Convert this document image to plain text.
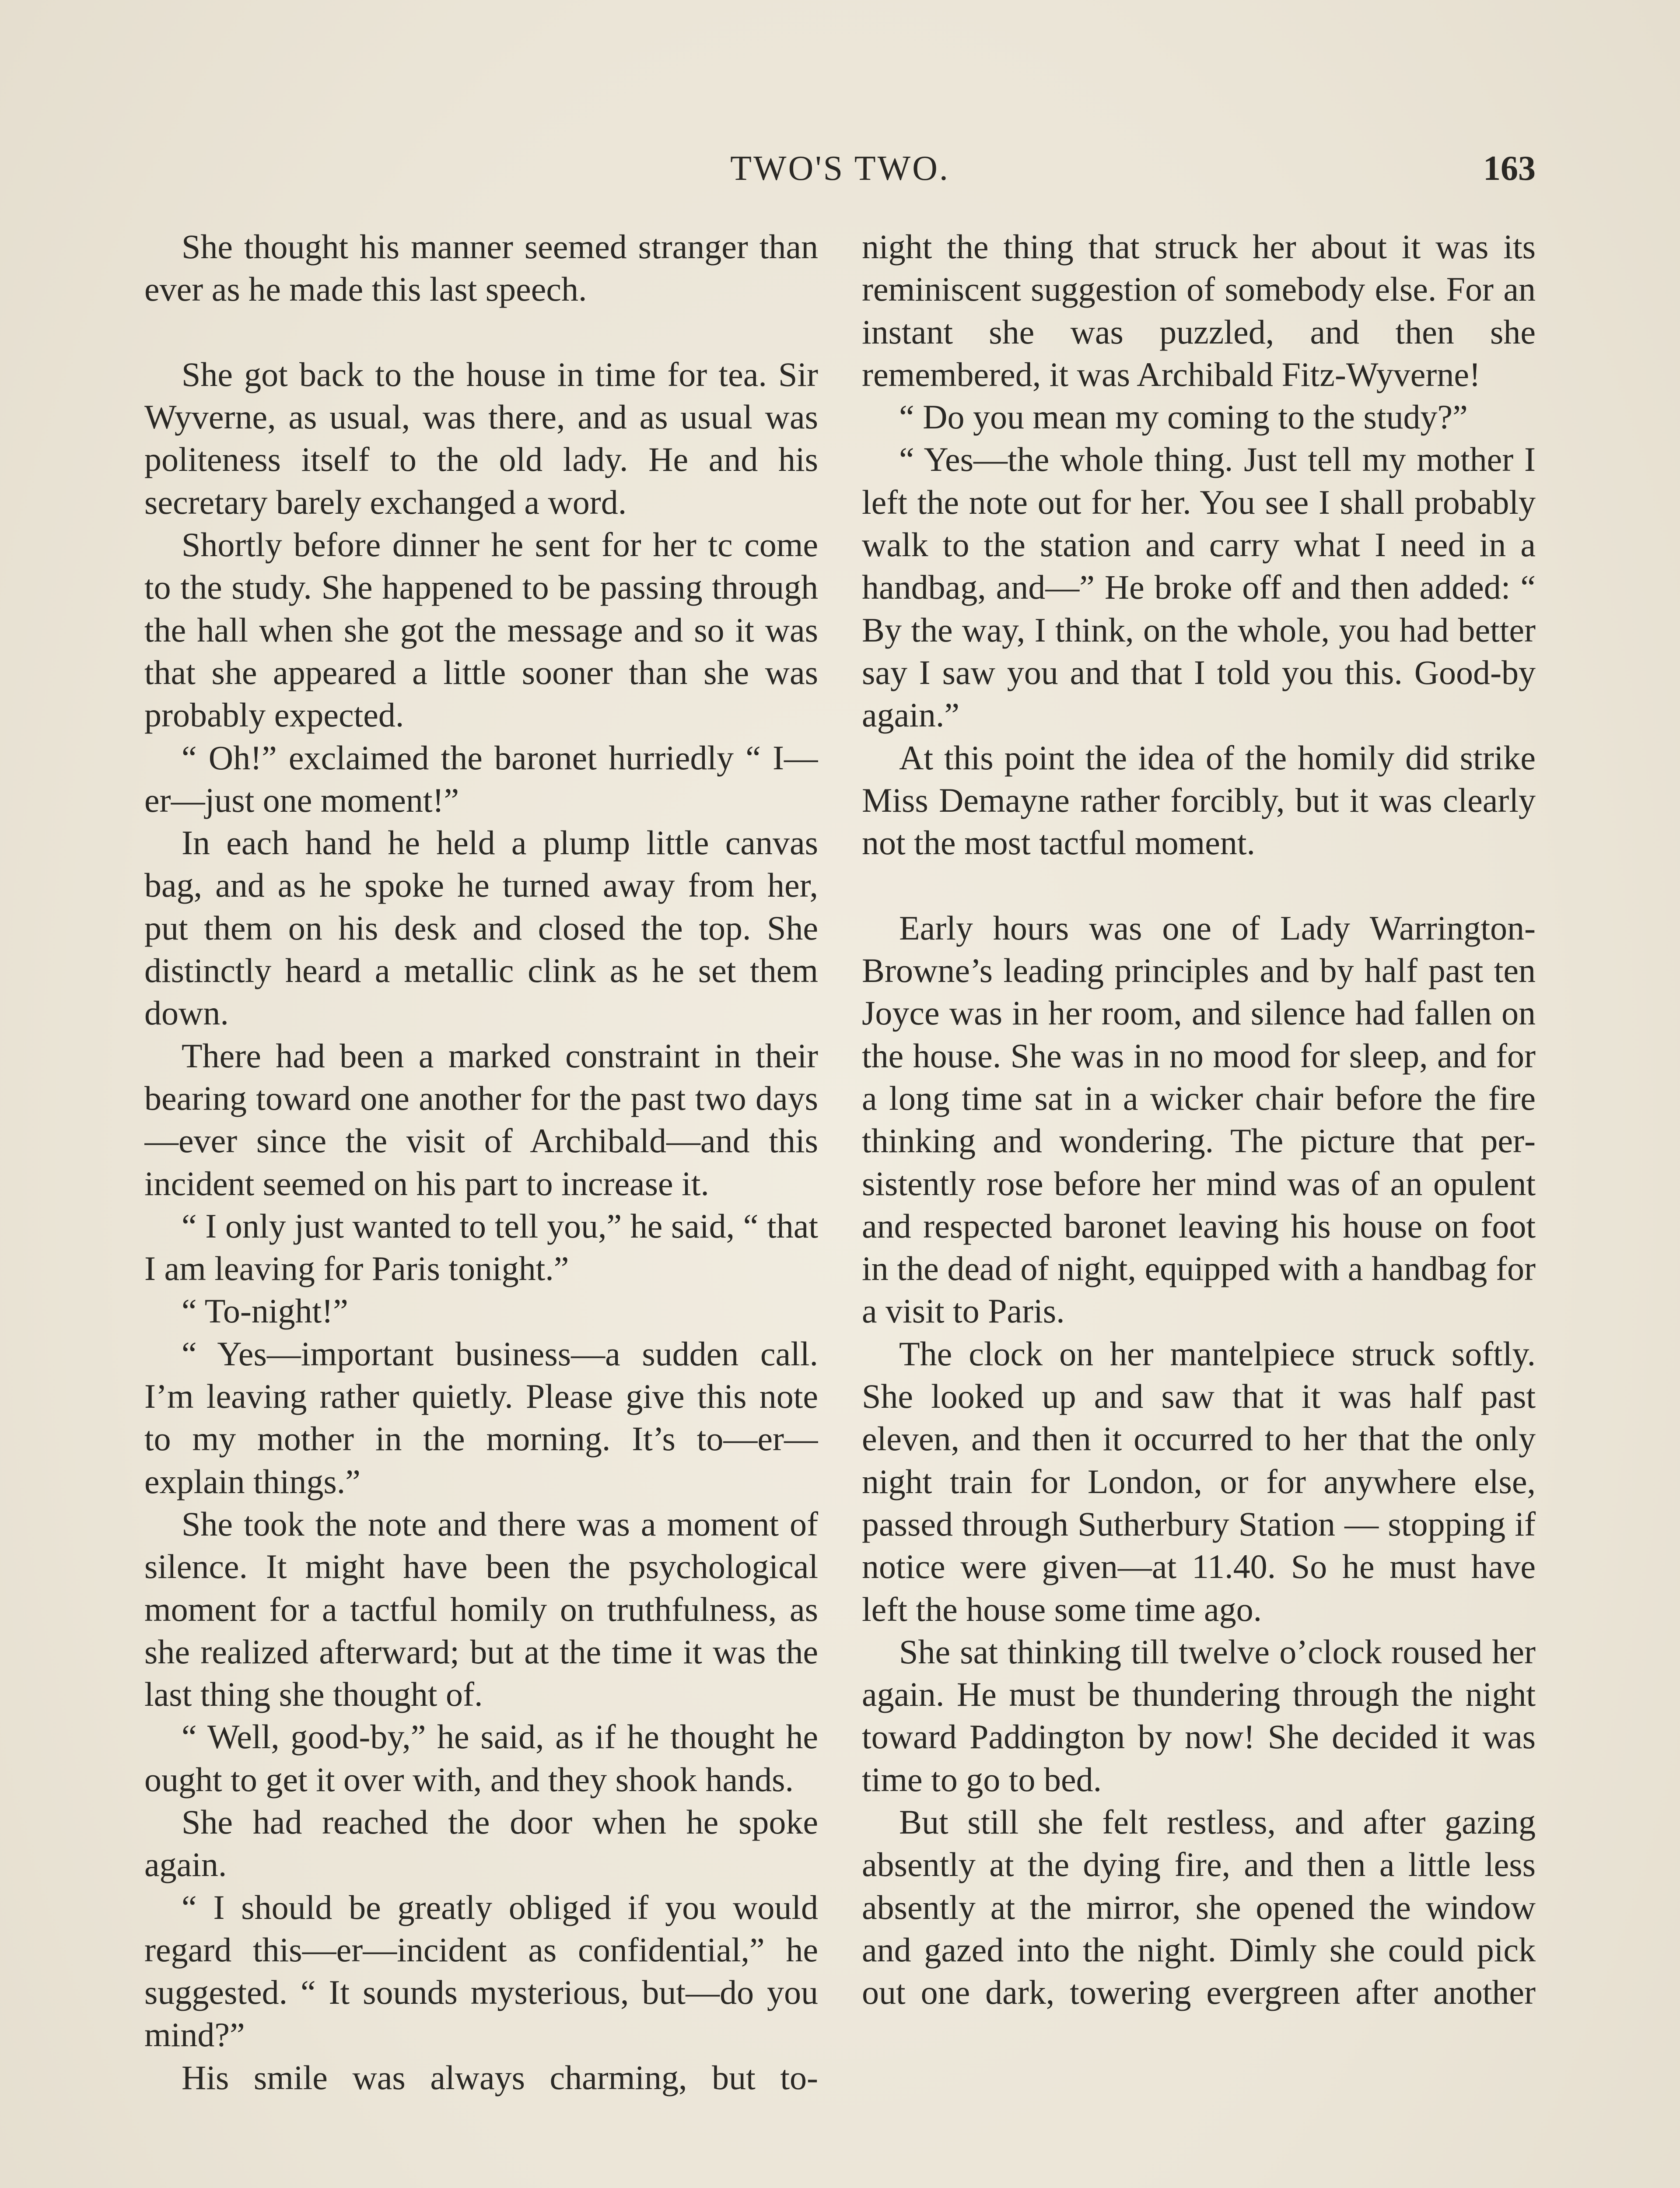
TWO'S TWO.	163

She thought his manner seemed stranger than ever as he made this last speech.

She got back to the house in time for tea. Sir Wyverne, as usual, was there, and as usual was politeness itself to the old lady. He and his secretary barely exchanged a word.

Shortly before dinner he sent for her tc come to the study. She happened to be passing through the hall when she got the message and so it was that she appeared a little sooner than she was probably expected.

“ Oh!” exclaimed the baronet hurriedly “ I—er—just one moment!”

In each hand he held a plump little canvas bag, and as he spoke he turned away from her, put them on his desk and closed the top. She distinctly heard a metallic clink as he set them down.

There had been a marked constraint in their bearing toward one another for the past two days—ever since the visit of Archibald—and this incident seemed on his part to increase it.

“ I only just wanted to tell you,” he said, “ that I am leaving for Paris tonight.”

“ To-night!”

“ Yes—important business—a sudden call. I’m leaving rather quietly. Please give this note to my mother in the morning. It’s to—er—explain things.”

She took the note and there was a moment of silence. It might have been the psychological moment for a tactful homily on truthfulness, as she realized afterward; but at the time it was the last thing she thought of.

“ Well, good-by,” he said, as if he thought he ought to get it over with, and they shook hands.

She had reached the door when he spoke again.

“ I should be greatly obliged if you would regard this—er—incident as confidential,” he suggested. “ It sounds mysterious, but—do you mind?”

His smile was always charming, but to-

night the thing that struck her about it was its reminiscent suggestion of somebody else. For an instant she was puzzled, and then she remembered, it was Archibald Fitz-Wyverne!

“ Do you mean my coming to the study?”

“ Yes—the whole thing. Just tell my mother I left the note out for her. You see I shall probably walk to the station and carry what I need in a handbag, and—” He broke off and then added: “ By the way, I think, on the whole, you had better say I saw you and that I told you this. Good-by again.”

At this point the idea of the homily did strike Miss Demayne rather forcibly, but it was clearly not the most tactful moment.

Early hours was one of Lady Warrington-Browne’s leading principles and by half past ten Joyce was in her room, and silence had fallen on the house. She was in no mood for sleep, and for a long time sat in a wicker chair before the fire thinking and wondering. The picture that persistently rose before her mind was of an opulent and respected baronet leaving his house on foot in the dead of night, equipped with a handbag for a visit to Paris.

The clock on her mantelpiece struck softly. She looked up and saw that it was half past eleven, and then it occurred to her that the only night train for London, or for anywhere else, passed through Sutherbury Station — stopping if notice were given—at 11.40. So he must have left the house some time ago.

She sat thinking till twelve o’clock roused her again. He must be thundering through the night toward Paddington by now! She decided it was time to go to bed.

But still she felt restless, and after gazing absently at the dying fire, and then a little less absently at the mirror, she opened the window and gazed into the night. Dimly she could pick out one dark, towering evergreen after another
